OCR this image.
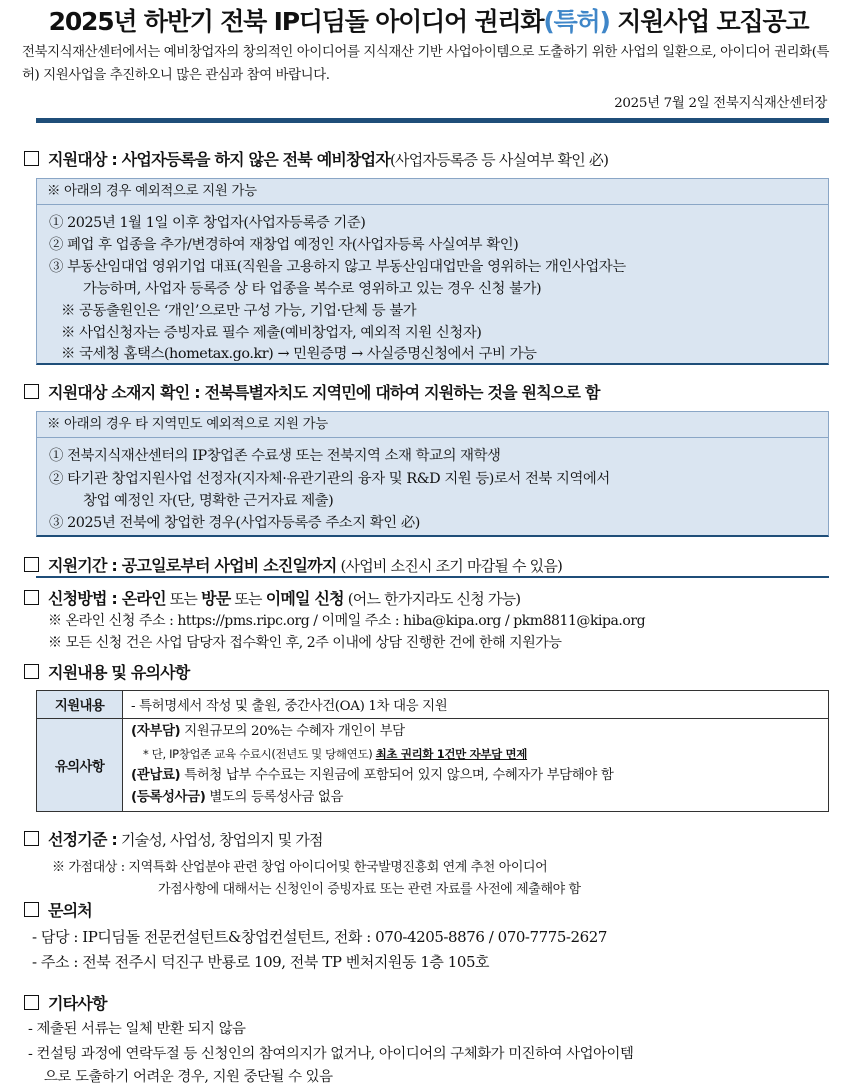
2025년 하반기 전북 IP디딤돌 아이디어 권리화(특허) 지원사업 모집공고
전북지식재산센터에서는 예비창업자의 창의적인 아이디어를 지식재산 기반 사업아이템으로 도출하기 위한 사업의 일환으로, 아이디어 권리화(특허) 지원사업을 추진하오니 많은 관심과 참여 바랍니다.
2025년 7월 2일 전북지식재산센터장
지원대상 : 사업자등록을 하지 않은 전북 예비창업자(사업자등록증 등 사실여부 확인 必)
※ 아래의 경우 예외적으로 지원 가능
① 2025년 1월 1일 이후 창업자(사업자등록증 기준)
② 폐업 후 업종을 추가/변경하여 재창업 예정인 자(사업자등록 사실여부 확인)
③ 부동산임대업 영위기업 대표(직원을 고용하지 않고 부동산임대업만을 영위하는 개인사업자는
가능하며, 사업자 등록증 상 타 업종을 복수로 영위하고 있는 경우 신청 불가)
※ 공동출원인은 ‘개인’으로만 구성 가능, 기업·단체 등 불가
※ 사업신청자는 증빙자료 필수 제출(예비창업자, 예외적 지원 신청자)
※ 국세청 홈택스(hometax.go.kr) → 민원증명 → 사실증명신청에서 구비 가능
지원대상 소재지 확인 : 전북특별자치도 지역민에 대하여 지원하는 것을 원칙으로 함
※ 아래의 경우 타 지역민도 예외적으로 지원 가능
① 전북지식재산센터의 IP창업존 수료생 또는 전북지역 소재 학교의 재학생
② 타기관 창업지원사업 선정자(지자체·유관기관의 융자 및 R&D 지원 등)로서 전북 지역에서
창업 예정인 자(단, 명확한 근거자료 제출)
③ 2025년 전북에 창업한 경우(사업자등록증 주소지 확인 必)
지원기간 : 공고일로부터 사업비 소진일까지 (사업비 소진시 조기 마감될 수 있음)
신청방법 : 온라인 또는 방문 또는 이메일 신청 (어느 한가지라도 신청 가능)
※ 온라인 신청 주소 : https://pms.ripc.org / 이메일 주소 : hiba@kipa.org / pkm8811@kipa.org
※ 모든 신청 건은 사업 담당자 접수확인 후, 2주 이내에 상담 진행한 건에 한해 지원가능
지원내용 및 유의사항
지원내용	- 특허명세서 작성 및 출원, 중간사건(OA) 1차 대응 지원
유의사항	(자부담) 지원규모의 20%는 수혜자 개인이 부담
* 단, IP창업존 교육 수료시(전년도 및 당해연도) 최초 권리화 1건만 자부담 면제
(관납료) 특허청 납부 수수료는 지원금에 포함되어 있지 않으며, 수혜자가 부담해야 함
(등록성사금) 별도의 등록성사금 없음
선정기준 : 기술성, 사업성, 창업의지 및 가점
※ 가점대상 : 지역특화 산업분야 관련 창업 아이디어및 한국발명진흥회 연계 추천 아이디어
가점사항에 대해서는 신청인이 증빙자료 또는 관련 자료를 사전에 제출해야 함
문의처
- 담당 : IP디딤돌 전문컨설턴트&창업컨설턴트, 전화 : 070-4205-8876 / 070-7775-2627
- 주소 : 전북 전주시 덕진구 반룡로 109, 전북 TP 벤처지원동 1층 105호
기타사항
- 제출된 서류는 일체 반환 되지 않음
- 컨설팅 과정에 연락두절 등 신청인의 참여의지가 없거나, 아이디어의 구체화가 미진하여 사업아이템
으로 도출하기 어려운 경우, 지원 중단될 수 있음
